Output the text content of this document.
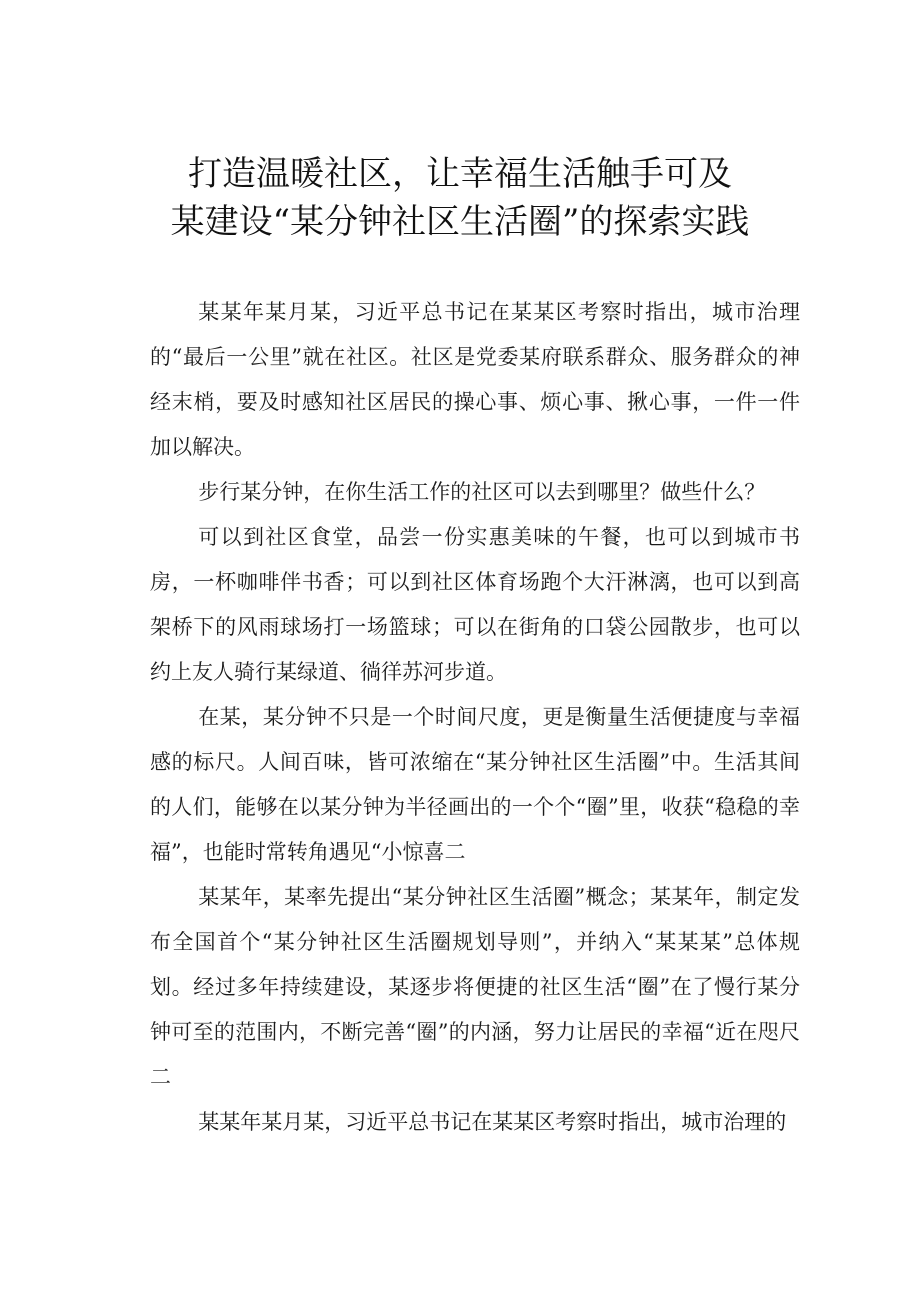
打造温暖社区，让幸福生活触手可及
某建设“某分钟社区生活圈”的探索实践

某某年某月某，习近平总书记在某某区考察时指出，城市治理的“最后一公里”就在社区。社区是党委某府联系群众、服务群众的神经末梢，要及时感知社区居民的操心事、烦心事、揪心事，一件一件加以解决。

步行某分钟，在你生活工作的社区可以去到哪里？做些什么？

可以到社区食堂，品尝一份实惠美味的午餐，也可以到城市书房，一杯咖啡伴书香；可以到社区体育场跑个大汗淋漓，也可以到高架桥下的风雨球场打一场篮球；可以在街角的口袋公园散步，也可以约上友人骑行某绿道、徜徉苏河步道。

在某，某分钟不只是一个时间尺度，更是衡量生活便捷度与幸福感的标尺。人间百味，皆可浓缩在“某分钟社区生活圈”中。生活其间的人们，能够在以某分钟为半径画出的一个个“圈”里，收获“稳稳的幸福”，也能时常转角遇见“小惊喜二

某某年，某率先提出“某分钟社区生活圈”概念；某某年，制定发布全国首个“某分钟社区生活圈规划导则”，并纳入“某某某”总体规划。经过多年持续建设，某逐步将便捷的社区生活“圈”在了慢行某分钟可至的范围内，不断完善“圈”的内涵，努力让居民的幸福“近在咫尺二

某某年某月某，习近平总书记在某某区考察时指出，城市治理的
